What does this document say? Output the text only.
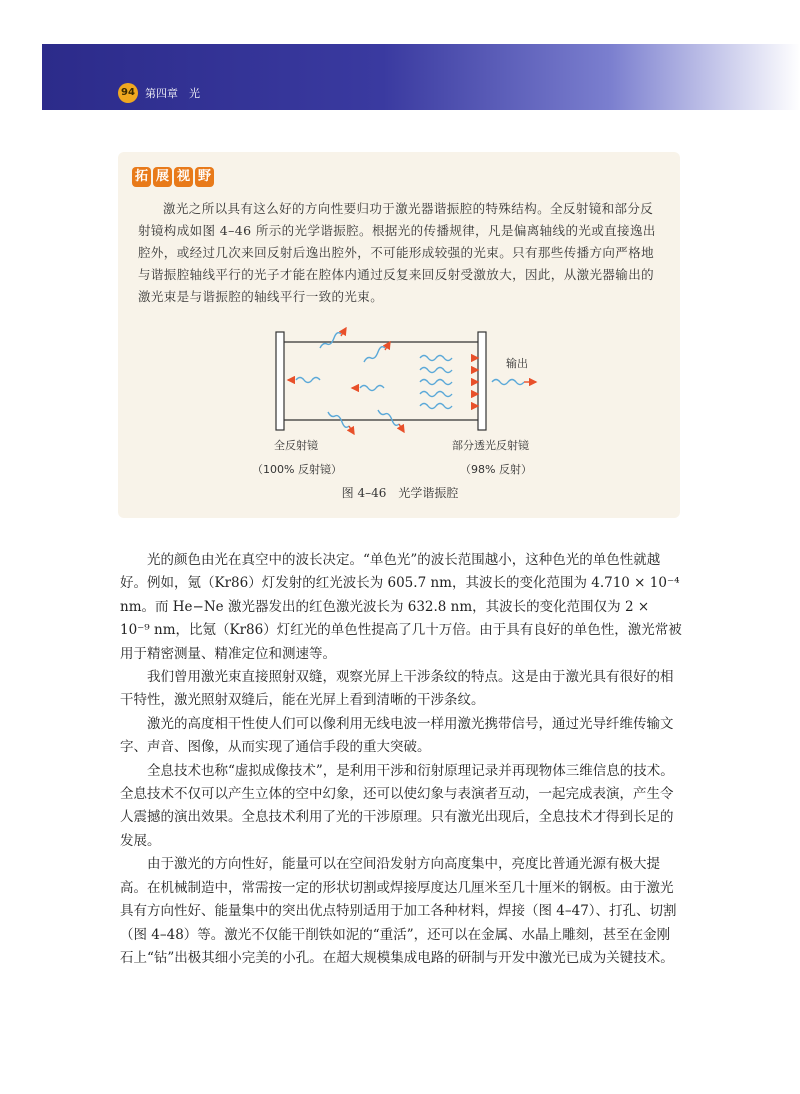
94 第四章　光
拓 展 视 野

激光之所以具有这么好的方向性要归功于激光器谐振腔的特殊结构。全反射镜和部分反射镜构成如图 4–46 所示的光学谐振腔。根据光的传播规律，凡是偏离轴线的光或直接逸出腔外，或经过几次来回反射后逸出腔外，不可能形成较强的光束。只有那些传播方向严格地与谐振腔轴线平行的光子才能在腔体内通过反复来回反射受激放大，因此，从激光器输出的激光束是与谐振腔的轴线平行一致的光束。

输出
全反射镜
（100% 反射镜）
部分透光反射镜
（98% 反射）
图 4–46　光学谐振腔

光的颜色由光在真空中的波长决定。“单色光”的波长范围越小，这种色光的单色性就越好。例如，氪（Kr86）灯发射的红光波长为 605.7 nm，其波长的变化范围为 4.710 × 10⁻⁴ nm。而 He−Ne 激光器发出的红色激光波长为 632.8 nm，其波长的变化范围仅为 2 × 10⁻⁹ nm，比氪（Kr86）灯红光的单色性提高了几十万倍。由于具有良好的单色性，激光常被用于精密测量、精准定位和测速等。

我们曾用激光束直接照射双缝，观察光屏上干涉条纹的特点。这是由于激光具有很好的相干特性，激光照射双缝后，能在光屏上看到清晰的干涉条纹。

激光的高度相干性使人们可以像利用无线电波一样用激光携带信号，通过光导纤维传输文字、声音、图像，从而实现了通信手段的重大突破。

全息技术也称“虚拟成像技术”，是利用干涉和衍射原理记录并再现物体三维信息的技术。全息技术不仅可以产生立体的空中幻象，还可以使幻象与表演者互动，一起完成表演，产生令人震撼的演出效果。全息技术利用了光的干涉原理。只有激光出现后，全息技术才得到长足的发展。

由于激光的方向性好，能量可以在空间沿发射方向高度集中，亮度比普通光源有极大提高。在机械制造中，常需按一定的形状切割或焊接厚度达几厘米至几十厘米的钢板。由于激光具有方向性好、能量集中的突出优点特别适用于加工各种材料，焊接（图 4–47）、打孔、切割（图 4–48）等。激光不仅能干削铁如泥的“重活”，还可以在金属、水晶上雕刻，甚至在金刚石上“钻”出极其细小完美的小孔。在超大规模集成电路的研制与开发中激光已成为关键技术。
